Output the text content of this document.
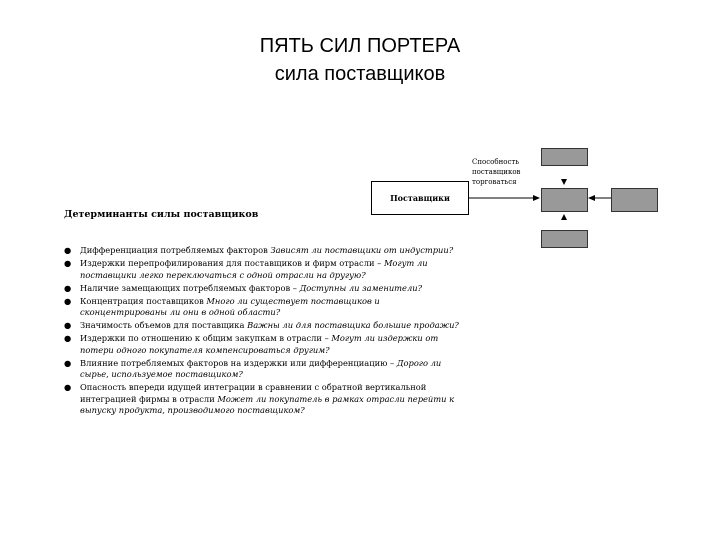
ПЯТЬ СИЛ ПОРТЕРА
сила поставщиков
Поставщики
Способность поставщиков торговаться
Детерминанты силы поставщиков
● Дифференциация потребляемых факторов Зависят ли поставщики от индустрии?
● Издержки перепрофилирования для поставщиков и фирм отрасли – Могут ли поставщики легко переключаться с одной отрасли на другую?
● Наличие замещающих потребляемых факторов – Доступны ли заменители?
● Концентрация поставщиков Много ли существует поставщиков и сконцентрированы ли они в одной области?
● Значимость объемов для поставщика Важны ли для поставщика большие продажи?
● Издержки по отношению к общим закупкам в отрасли – Могут ли издержки от потери одного покупателя компенсироваться другим?
● Влияние потребляемых факторов на издержки или дифференциацию – Дорого ли сырье, используемое поставщиком?
● Опасность впереди идущей интеграции в сравнении с обратной вертикальной интеграцией фирмы в отрасли Может ли покупатель в рамках отрасли перейти к выпуску продукта, производимого поставщиком?
